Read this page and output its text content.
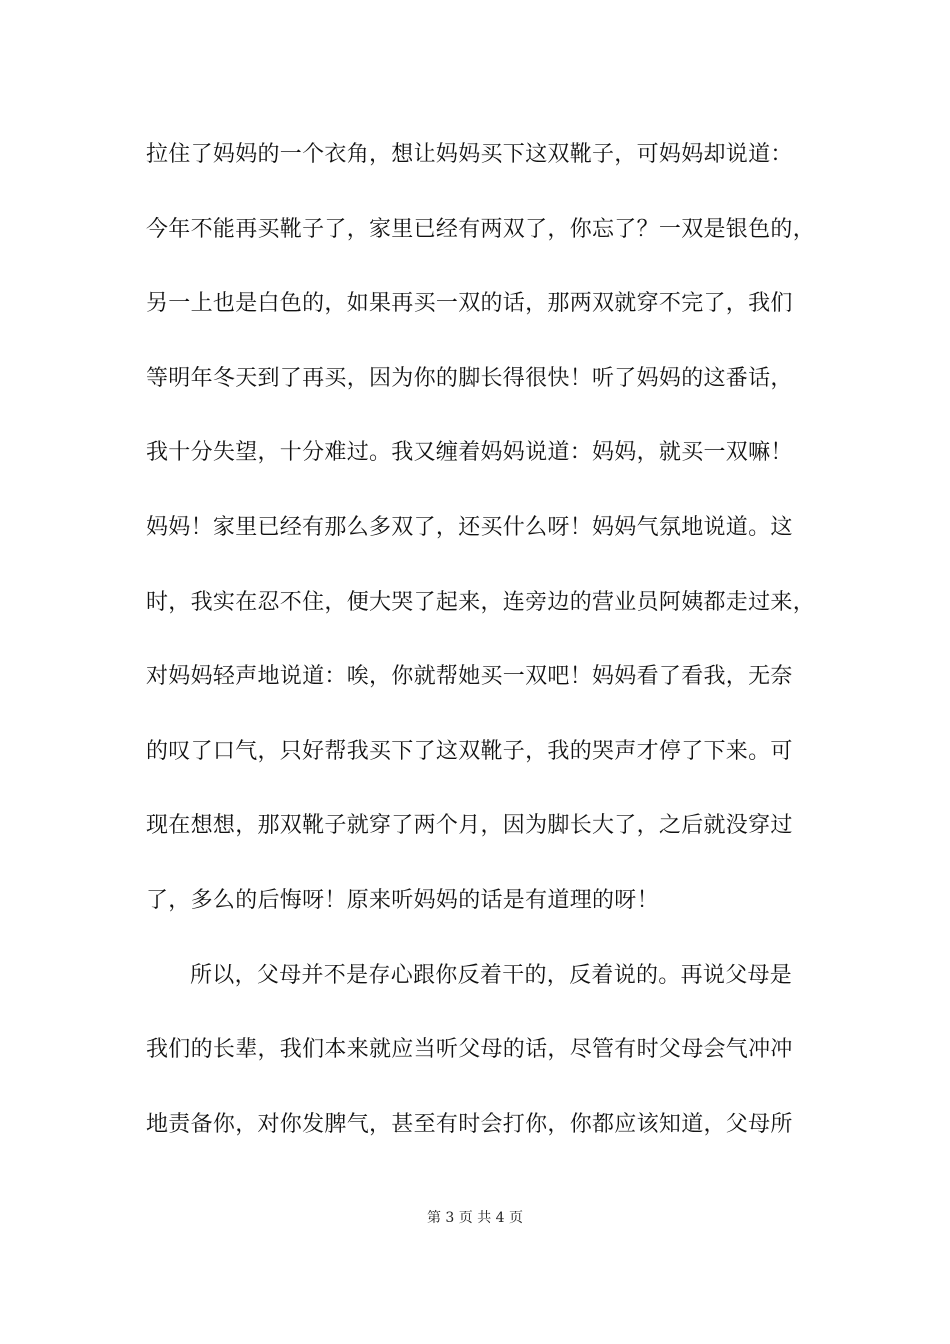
拉住了妈妈的一个衣角，想让妈妈买下这双靴子，可妈妈却说道：
今年不能再买靴子了，家里已经有两双了，你忘了？一双是银色的，
另一上也是白色的，如果再买一双的话，那两双就穿不完了，我们
等明年冬天到了再买，因为你的脚长得很快！听了妈妈的这番话，
我十分失望，十分难过。我又缠着妈妈说道：妈妈，就买一双嘛！
妈妈！家里已经有那么多双了，还买什么呀！妈妈气氛地说道。这
时，我实在忍不住，便大哭了起来，连旁边的营业员阿姨都走过来，
对妈妈轻声地说道：唉，你就帮她买一双吧！妈妈看了看我，无奈
的叹了口气，只好帮我买下了这双靴子，我的哭声才停了下来。可
现在想想，那双靴子就穿了两个月，因为脚长大了，之后就没穿过
了，多么的后悔呀！原来听妈妈的话是有道理的呀！
所以，父母并不是存心跟你反着干的，反着说的。再说父母是
我们的长辈，我们本来就应当听父母的话，尽管有时父母会气冲冲
地责备你，对你发脾气，甚至有时会打你，你都应该知道，父母所
第 3 页 共 4 页
